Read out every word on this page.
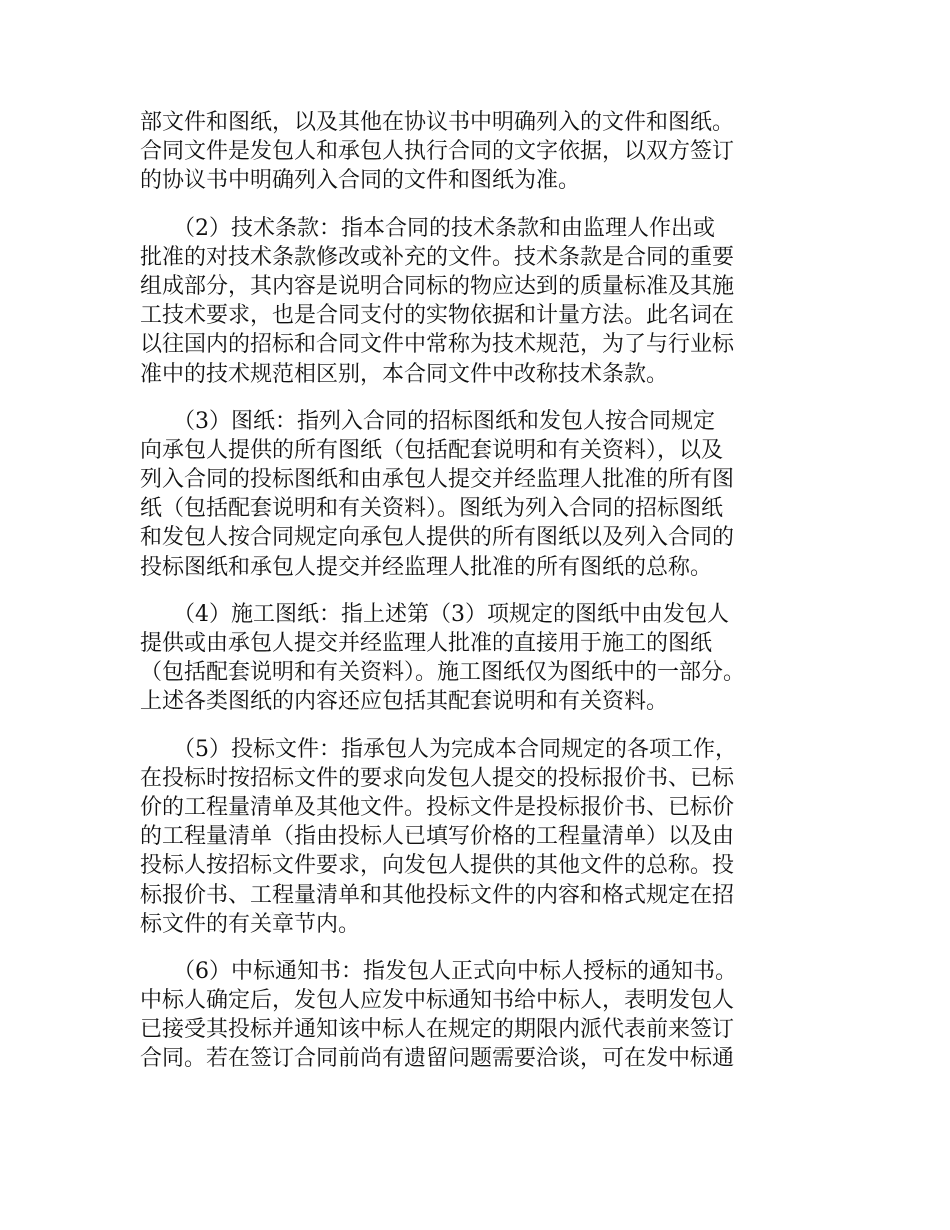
部文件和图纸，以及其他在协议书中明确列入的文件和图纸。
合同文件是发包人和承包人执行合同的文字依据，以双方签订
的协议书中明确列入合同的文件和图纸为准。
　　（2）技术条款：指本合同的技术条款和由监理人作出或
批准的对技术条款修改或补充的文件。技术条款是合同的重要
组成部分，其内容是说明合同标的物应达到的质量标准及其施
工技术要求，也是合同支付的实物依据和计量方法。此名词在
以往国内的招标和合同文件中常称为技术规范，为了与行业标
准中的技术规范相区别，本合同文件中改称技术条款。
　　（3）图纸：指列入合同的招标图纸和发包人按合同规定
向承包人提供的所有图纸（包括配套说明和有关资料），以及
列入合同的投标图纸和由承包人提交并经监理人批准的所有图
纸（包括配套说明和有关资料）。图纸为列入合同的招标图纸
和发包人按合同规定向承包人提供的所有图纸以及列入合同的
投标图纸和承包人提交并经监理人批准的所有图纸的总称。
　　（4）施工图纸：指上述第（3）项规定的图纸中由发包人
提供或由承包人提交并经监理人批准的直接用于施工的图纸
（包括配套说明和有关资料）。施工图纸仅为图纸中的一部分。
上述各类图纸的内容还应包括其配套说明和有关资料。
　　（5）投标文件：指承包人为完成本合同规定的各项工作，
在投标时按招标文件的要求向发包人提交的投标报价书、已标
价的工程量清单及其他文件。投标文件是投标报价书、已标价
的工程量清单（指由投标人已填写价格的工程量清单）以及由
投标人按招标文件要求，向发包人提供的其他文件的总称。投
标报价书、工程量清单和其他投标文件的内容和格式规定在招
标文件的有关章节内。
　　（6）中标通知书：指发包人正式向中标人授标的通知书。
中标人确定后，发包人应发中标通知书给中标人，表明发包人
已接受其投标并通知该中标人在规定的期限内派代表前来签订
合同。若在签订合同前尚有遗留问题需要洽谈，可在发中标通
